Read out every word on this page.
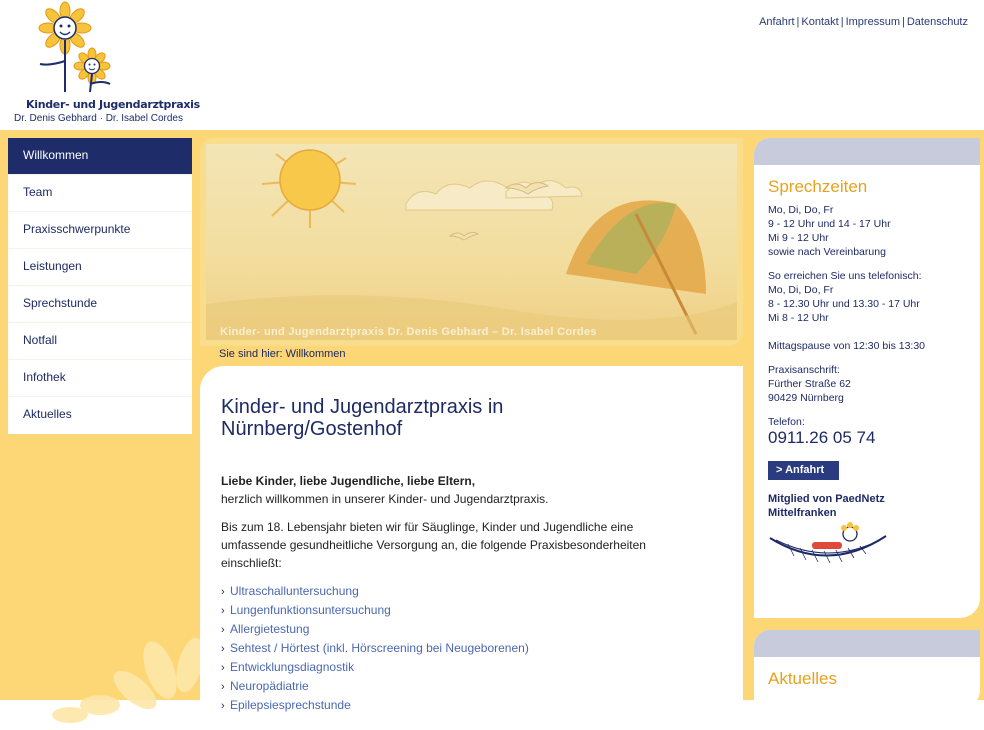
Kinder- und Jugendarztpraxis
Dr. Denis Gebhard · Dr. Isabel Cordes
Anfahrt | Kontakt | Impressum | Datenschutz
Willkommen
Team
Praxisschwerpunkte
Leistungen
Sprechstunde
Notfall
Infothek
Aktuelles
Kinder- und Jugendarztpraxis Dr. Denis Gebhard – Dr. Isabel Cordes
Sie sind hier: Willkommen
Kinder- und Jugendarztpraxis in Nürnberg/Gostenhof
Liebe Kinder, liebe Jugendliche, liebe Eltern,
herzlich willkommen in unserer Kinder- und Jugendarztpraxis.

Bis zum 18. Lebensjahr bieten wir für Säuglinge, Kinder und Jugendliche eine umfassende gesundheitliche Versorgung an, die folgende Praxisbesonderheiten einschließt:

› Ultraschalluntersuchung
› Lungenfunktionsuntersuchung
› Allergietestung
› Sehtest / Hörtest (inkl. Hörscreening bei Neugeborenen)
› Entwicklungsdiagnostik
› Neuropädiatrie
› Epilepsiesprechstunde
Sprechzeiten
Mo, Di, Do, Fr
9 - 12 Uhr und 14 - 17 Uhr
Mi 9 - 12 Uhr
sowie nach Vereinbarung
So erreichen Sie uns telefonisch:
Mo, Di, Do, Fr
8 - 12.30 Uhr und 13.30 - 17 Uhr
Mi 8 - 12 Uhr
Mittagspause von 12:30 bis 13:30
Praxisanschrift:
Fürther Straße 62
90429 Nürnberg
Telefon:
0911.26 05 74
> Anfahrt
Mitglied von PaedNetz
Mittelfranken
Aktuelles
